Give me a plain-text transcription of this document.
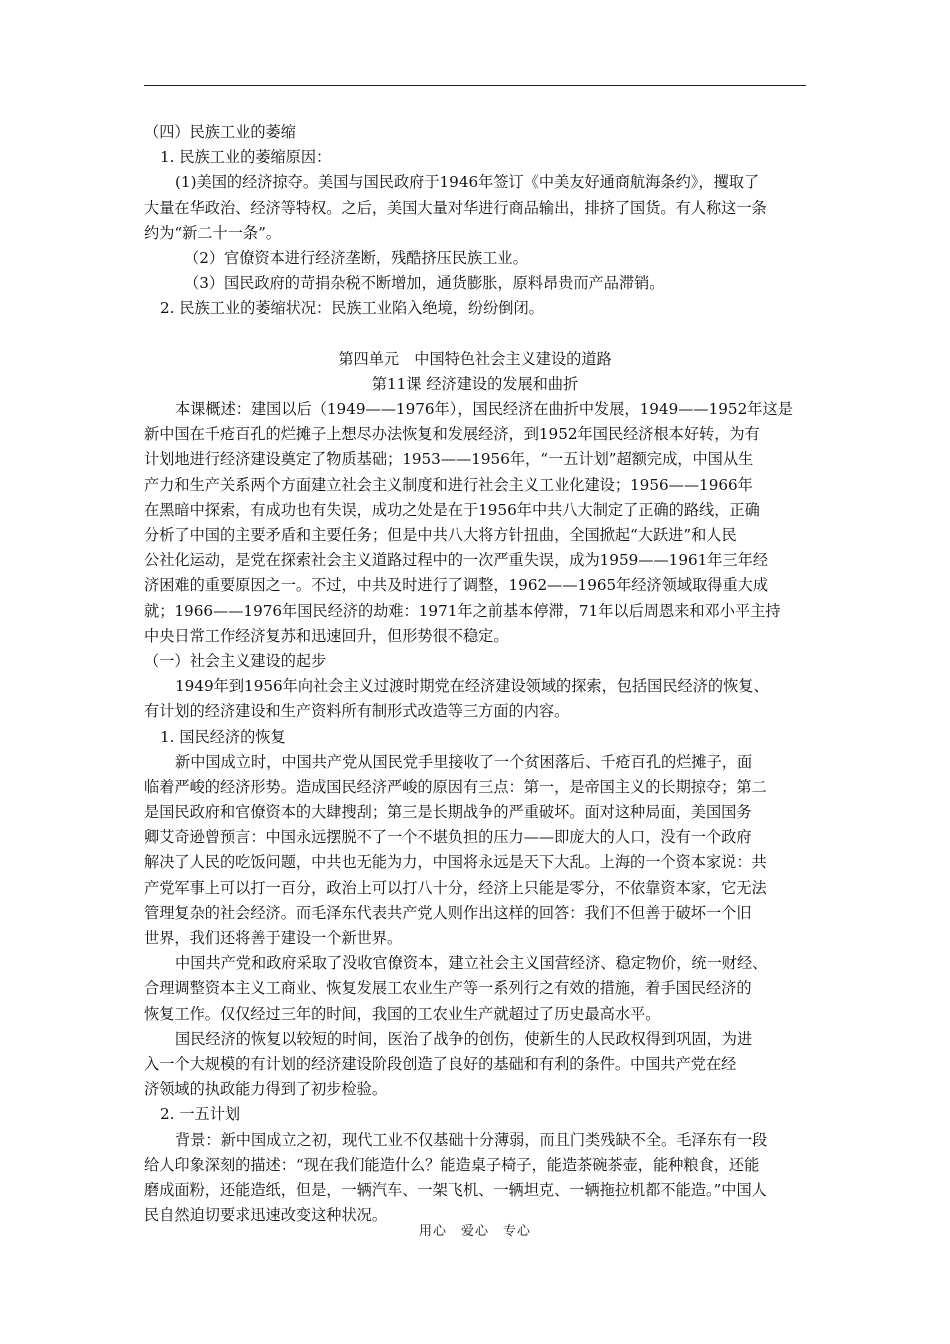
（四）民族工业的萎缩
1. 民族工业的萎缩原因：
(1)美国的经济掠夺。美国与国民政府于1946年签订《中美友好通商航海条约》，攫取了
大量在华政治、经济等特权。之后，美国大量对华进行商品输出，排挤了国货。有人称这一条
约为“新二十一条”。
（2）官僚资本进行经济垄断，残酷挤压民族工业。
（3）国民政府的苛捐杂税不断增加，通货膨胀，原料昂贵而产品滞销。
2. 民族工业的萎缩状况：民族工业陷入绝境，纷纷倒闭。
第四单元　中国特色社会主义建设的道路
第11课 经济建设的发展和曲折
本课概述：建国以后（1949——1976年），国民经济在曲折中发展，1949——1952年这是
新中国在千疮百孔的烂摊子上想尽办法恢复和发展经济，到1952年国民经济根本好转，为有
计划地进行经济建设奠定了物质基础；1953——1956年，“一五计划”超额完成，中国从生
产力和生产关系两个方面建立社会主义制度和进行社会主义工业化建设；1956——1966年
在黑暗中探索，有成功也有失误，成功之处是在于1956年中共八大制定了正确的路线，正确
分析了中国的主要矛盾和主要任务；但是中共八大将方针扭曲，全国掀起“大跃进”和人民
公社化运动，是党在探索社会主义道路过程中的一次严重失误，成为1959——1961年三年经
济困难的重要原因之一。不过，中共及时进行了调整，1962——1965年经济领域取得重大成
就；1966——1976年国民经济的劫难：1971年之前基本停滞，71年以后周恩来和邓小平主持
中央日常工作经济复苏和迅速回升，但形势很不稳定。
（一）社会主义建设的起步
1949年到1956年向社会主义过渡时期党在经济建设领域的探索，包括国民经济的恢复、
有计划的经济建设和生产资料所有制形式改造等三方面的内容。
1. 国民经济的恢复
新中国成立时，中国共产党从国民党手里接收了一个贫困落后、千疮百孔的烂摊子，面
临着严峻的经济形势。造成国民经济严峻的原因有三点：第一，是帝国主义的长期掠夺；第二
是国民政府和官僚资本的大肆搜刮；第三是长期战争的严重破坏。面对这种局面，美国国务
卿艾奇逊曾预言：中国永远摆脱不了一个不堪负担的压力——即庞大的人口，没有一个政府
解决了人民的吃饭问题，中共也无能为力，中国将永远是天下大乱。上海的一个资本家说：共
产党军事上可以打一百分，政治上可以打八十分，经济上只能是零分，不依靠资本家，它无法
管理复杂的社会经济。而毛泽东代表共产党人则作出这样的回答：我们不但善于破坏一个旧
世界，我们还将善于建设一个新世界。
中国共产党和政府采取了没收官僚资本，建立社会主义国营经济、稳定物价，统一财经、
合理调整资本主义工商业、恢复发展工农业生产等一系列行之有效的措施，着手国民经济的
恢复工作。仅仅经过三年的时间，我国的工农业生产就超过了历史最高水平。
国民经济的恢复以较短的时间，医治了战争的创伤，使新生的人民政权得到巩固，为进
入一个大规模的有计划的经济建设阶段创造了良好的基础和有利的条件。中国共产党在经
济领域的执政能力得到了初步检验。
2. 一五计划
背景：新中国成立之初，现代工业不仅基础十分薄弱，而且门类残缺不全。毛泽东有一段
给人印象深刻的描述：“现在我们能造什么？能造桌子椅子，能造茶碗茶壶，能种粮食，还能
磨成面粉，还能造纸，但是，一辆汽车、一架飞机、一辆坦克、一辆拖拉机都不能造。”中国人
民自然迫切要求迅速改变这种状况。
用心　爱心　专心
